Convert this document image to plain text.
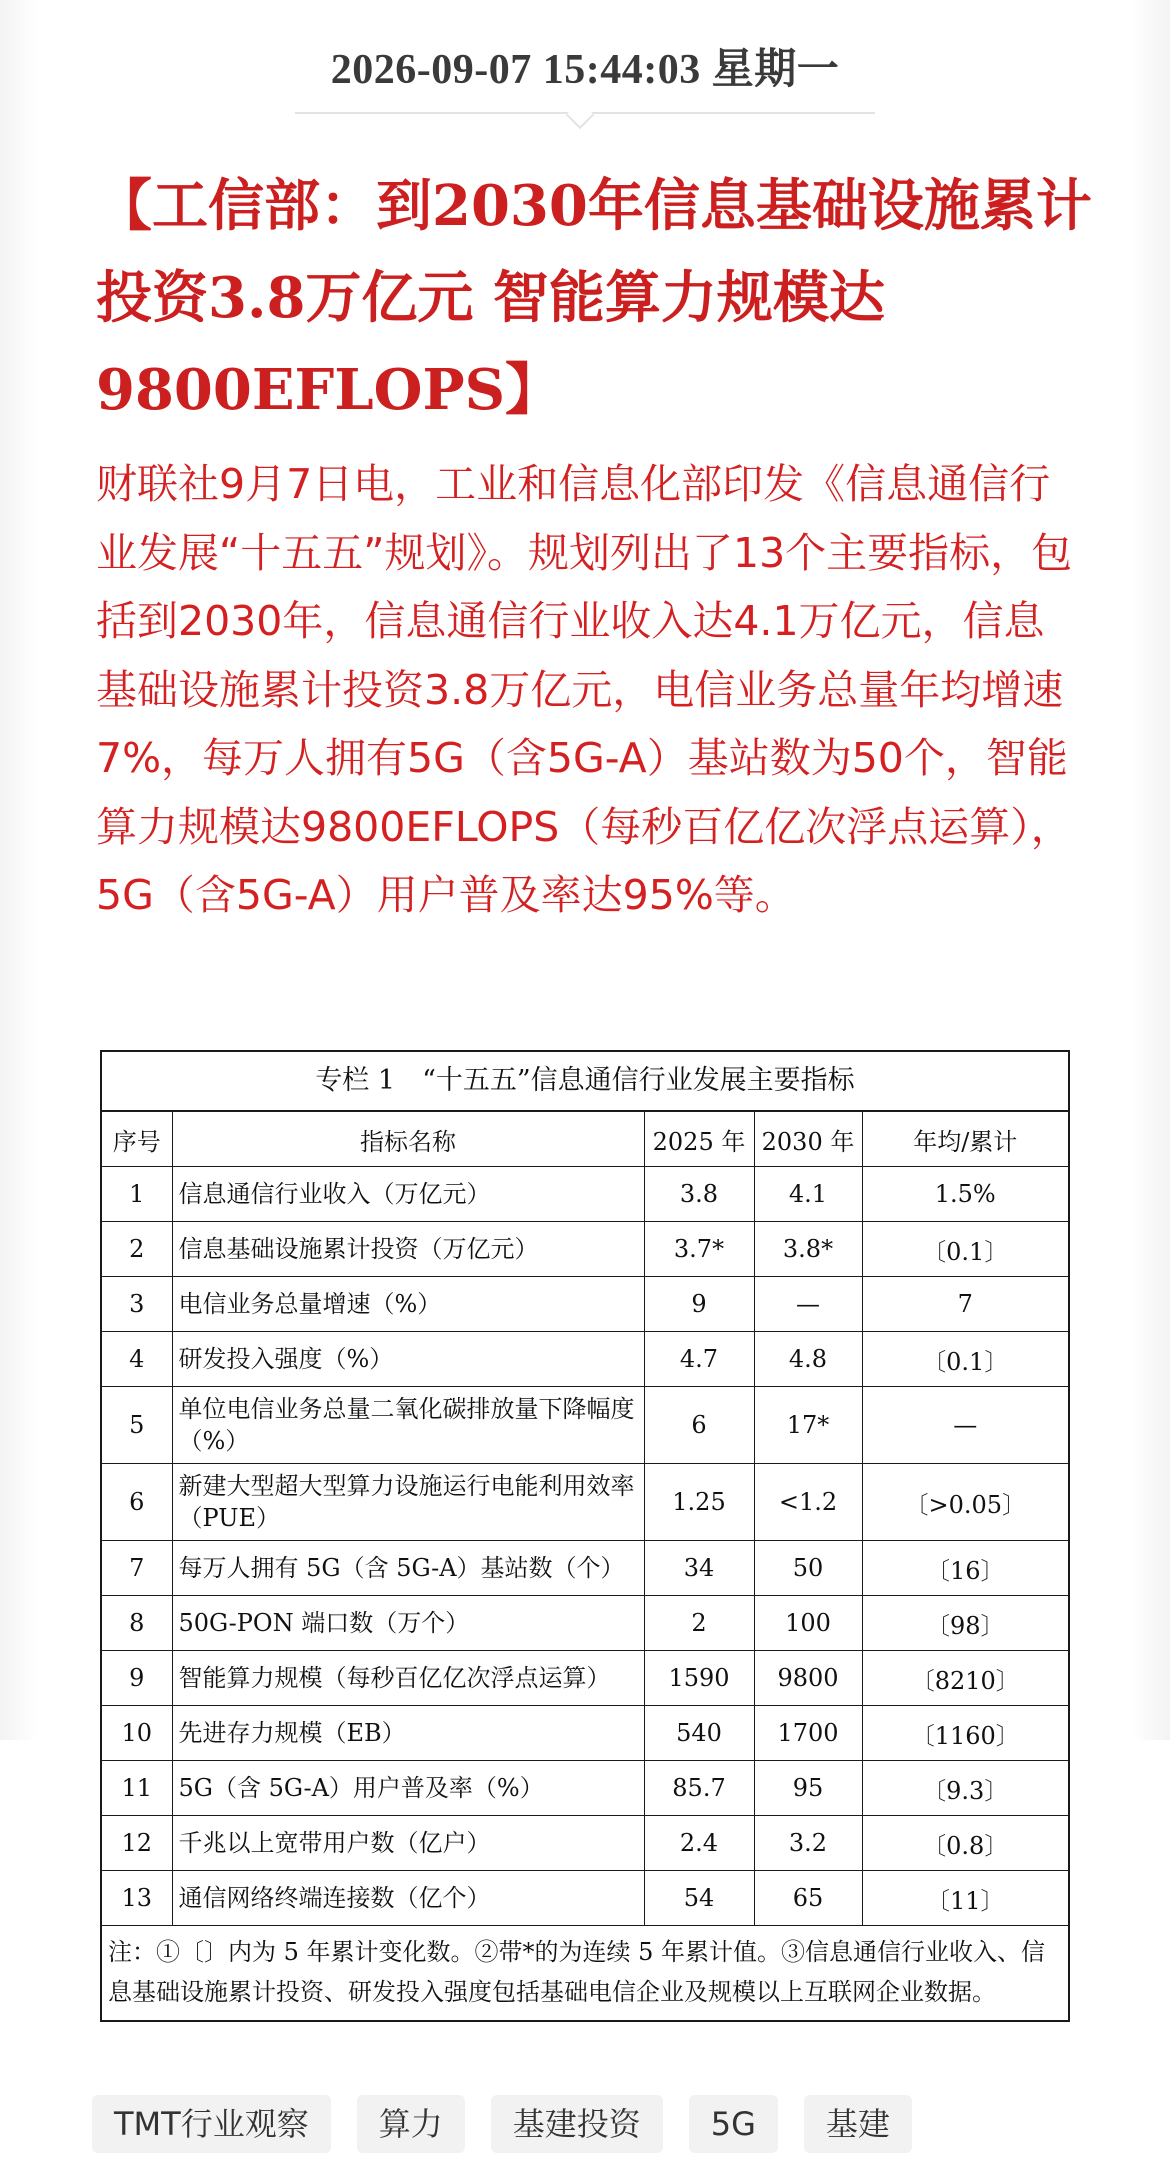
2026-09-07 15:44:03 星期一
【工信部：到2030年信息基础设施累计投资3.8万亿元 智能算力规模达9800EFLOPS】

财联社9月7日电，工业和信息化部印发《信息通信行业发展“十五五”规划》。规划列出了13个主要指标，包括到2030年，信息通信行业收入达4.1万亿元，信息基础设施累计投资3.8万亿元，电信业务总量年均增速7%，每万人拥有5G（含5G-A）基站数为50个，智能算力规模达9800EFLOPS（每秒百亿亿次浮点运算），5G（含5G-A）用户普及率达95%等。

专栏 1　“十五五”信息通信行业发展主要指标
序号	指标名称	2025 年	2030 年	年均/累计
1	信息通信行业收入（万亿元）	3.8	4.1	1.5%
2	信息基础设施累计投资（万亿元）	3.7*	3.8*	〔0.1〕
3	电信业务总量增速（%）	9	—	7
4	研发投入强度（%）	4.7	4.8	〔0.1〕
5	单位电信业务总量二氧化碳排放量下降幅度（%）	6	17*	—
6	新建大型超大型算力设施运行电能利用效率（PUE）	1.25	<1.2	〔>0.05〕
7	每万人拥有 5G（含 5G-A）基站数（个）	34	50	〔16〕
8	50G-PON 端口数（万个）	2	100	〔98〕
9	智能算力规模（每秒百亿亿次浮点运算）	1590	9800	〔8210〕
10	先进存力规模（EB）	540	1700	〔1160〕
11	5G（含 5G-A）用户普及率（%）	85.7	95	〔9.3〕
12	千兆以上宽带用户数（亿户）	2.4	3.2	〔0.8〕
13	通信网络终端连接数（亿个）	54	65	〔11〕
注：①〔〕内为 5 年累计变化数。②带*的为连续 5 年累计值。③信息通信行业收入、信息基础设施累计投资、研发投入强度包括基础电信企业及规模以上互联网企业数据。
TMT行业观察 算力 基建投资 5G 基建
